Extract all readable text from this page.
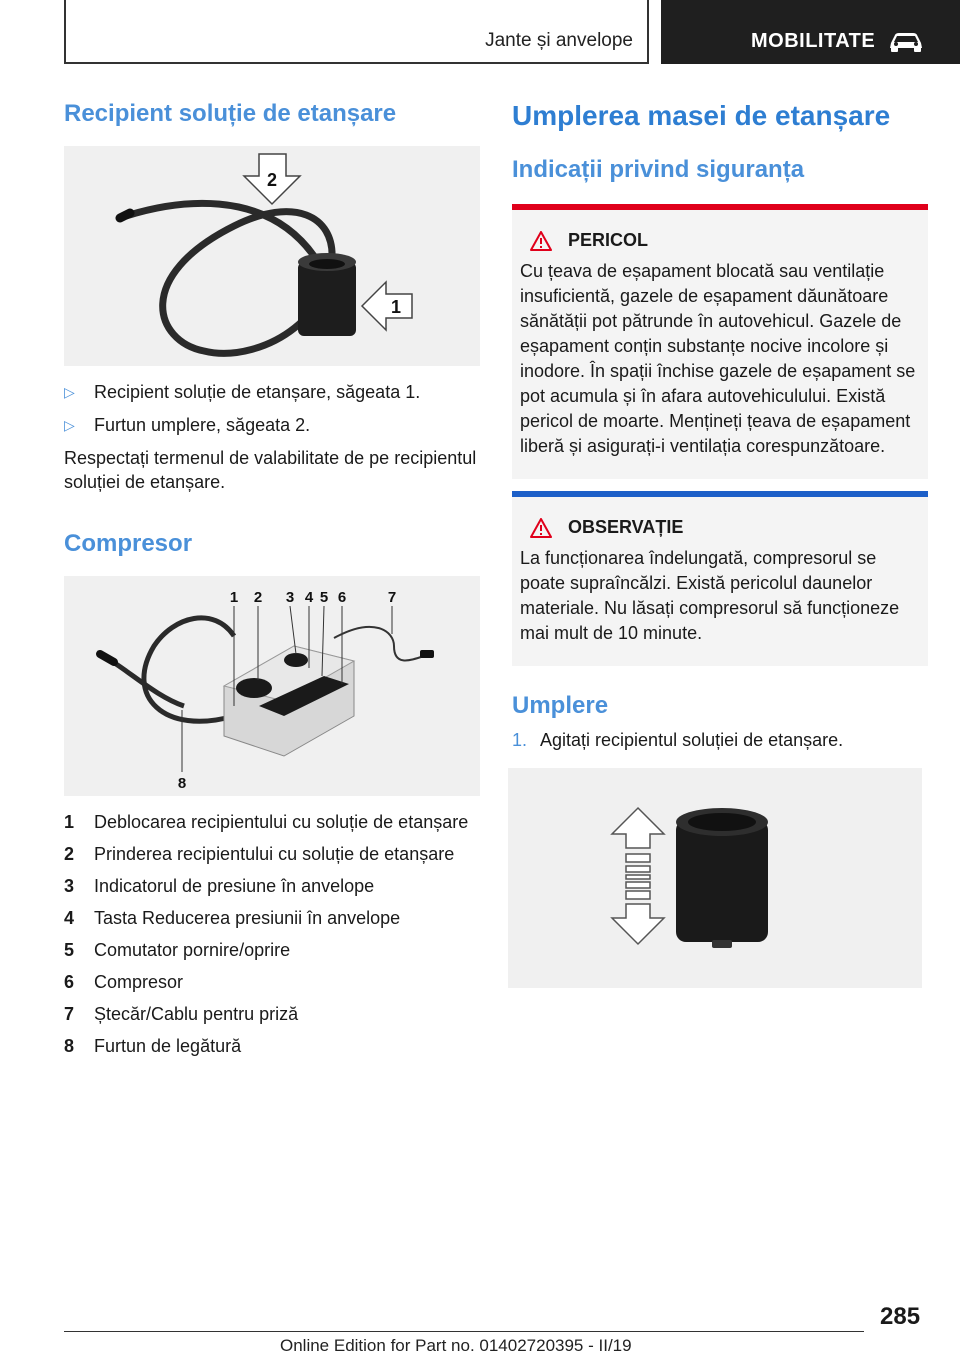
Jante și anvelope	MOBILITATE
Recipient soluție de etanșare
2
1
▷ Recipient soluție de etanșare, săgeata 1.
▷ Furtun umplere, săgeata 2.

Respectați termenul de valabilitate de pe recipientul soluției de etanșare.

Compresor
1 2 3 4 5 6	7
8
1 Deblocarea recipientului cu soluție de etanșare
2 Prinderea recipientului cu soluție de etanșare
3 Indicatorul de presiune în anvelope
4 Tasta Reducerea presiunii în anvelope
5 Comutator pornire/oprire
6 Compresor
7 Ștecăr/Cablu pentru priză
8 Furtun de legătură
Umplerea masei de etanșare
Indicații privind siguranța
PERICOL

Cu țeava de eșapament blocată sau ventilație insuficientă, gazele de eșapament dăunătoare sănătății pot pătrunde în autovehicul. Gazele de eșapament conțin substanțe nocive incolore și inodore. În spații închise gazele de eșapament se pot acumula și în afara autovehiculului. Există pericol de moarte. Mențineți țeava de eșapament liberă și asigurați-i ventilația corespunzătoare.

OBSERVAȚIE

La funcționarea îndelungată, compresorul se poate supraîncălzi. Există pericolul daunelor materiale. Nu lăsați compresorul să funcționeze mai mult de 10 minute.

Umplere
1. Agitați recipientul soluției de etanșare.
285
Online Edition for Part no. 01402720395 - II/19
